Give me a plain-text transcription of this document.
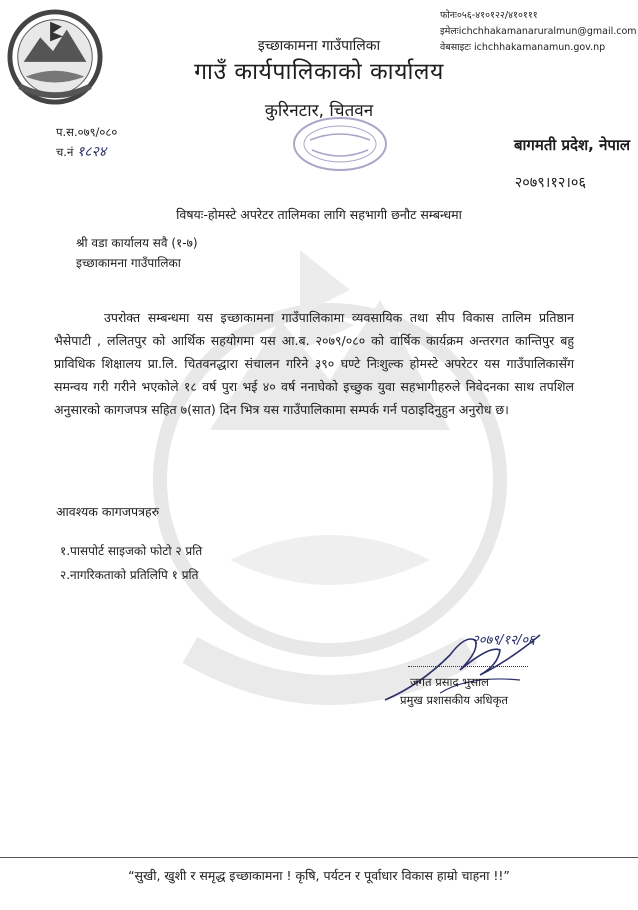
फोनः०५६-४१०१२२/४१०१११
इमेलःichchhakamanaruralmun@gmail.com
वेबसाइटः ichchhakamanamun.gov.np
इच्छाकामना गाउँपालिका
गाउँ कार्यपालिकाको कार्यालय
कुरिनटार, चितवन
प.स.०७९/०८०
च.नं १८२४	बागमती प्रदेश, नेपाल
२०७९।१२।०६
विषयः-होमस्टे अपरेटर तालिमका लागि सहभागी छनौट सम्बन्धमा
श्री वडा कार्यालय सवै (१-७)
इच्छाकामना गाउँपालिका
उपरोक्त सम्बन्धमा यस इच्छाकामना गाउँपालिकामा व्यवसायिक तथा सीप विकास तालिम प्रतिष्ठान भैसेपाटी , ललितपुर को आर्थिक सहयोगमा यस आ.ब. २०७९/०८० को वार्षिक कार्यक्रम अन्तरगत कान्तिपुर बहु प्राविधिक शिक्षालय प्रा.लि. चितवनद्धारा संचालन गरिने ३९० घण्टे निःशुल्क होमस्टे अपरेटर यस गाउँपालिकासँग समन्वय गरी गरीने भएकोले १८ वर्ष पुरा भई ४० वर्ष ननाघेको इच्छुक युवा सहभागीहरुले निवेदनका साथ तपशिल अनुसारको कागजपत्र सहित ७(सात) दिन भित्र यस गाउँपालिकामा सम्पर्क गर्न पठाइदिनुहुन अनुरोध छ।
आवश्यक कागजपत्रहरु
१.पासपोर्ट साइजको फोटो २ प्रति
२.नागरिकताको प्रतिलिपि १ प्रति
२०७९/१२/०६
जगत प्रसाद भुसाल
प्रमुख प्रशासकीय अधिकृत
“सुखी, खुशी र समृद्ध इच्छाकामना ! कृषि, पर्यटन र पूर्वाधार विकास हाम्रो चाहना !!”
